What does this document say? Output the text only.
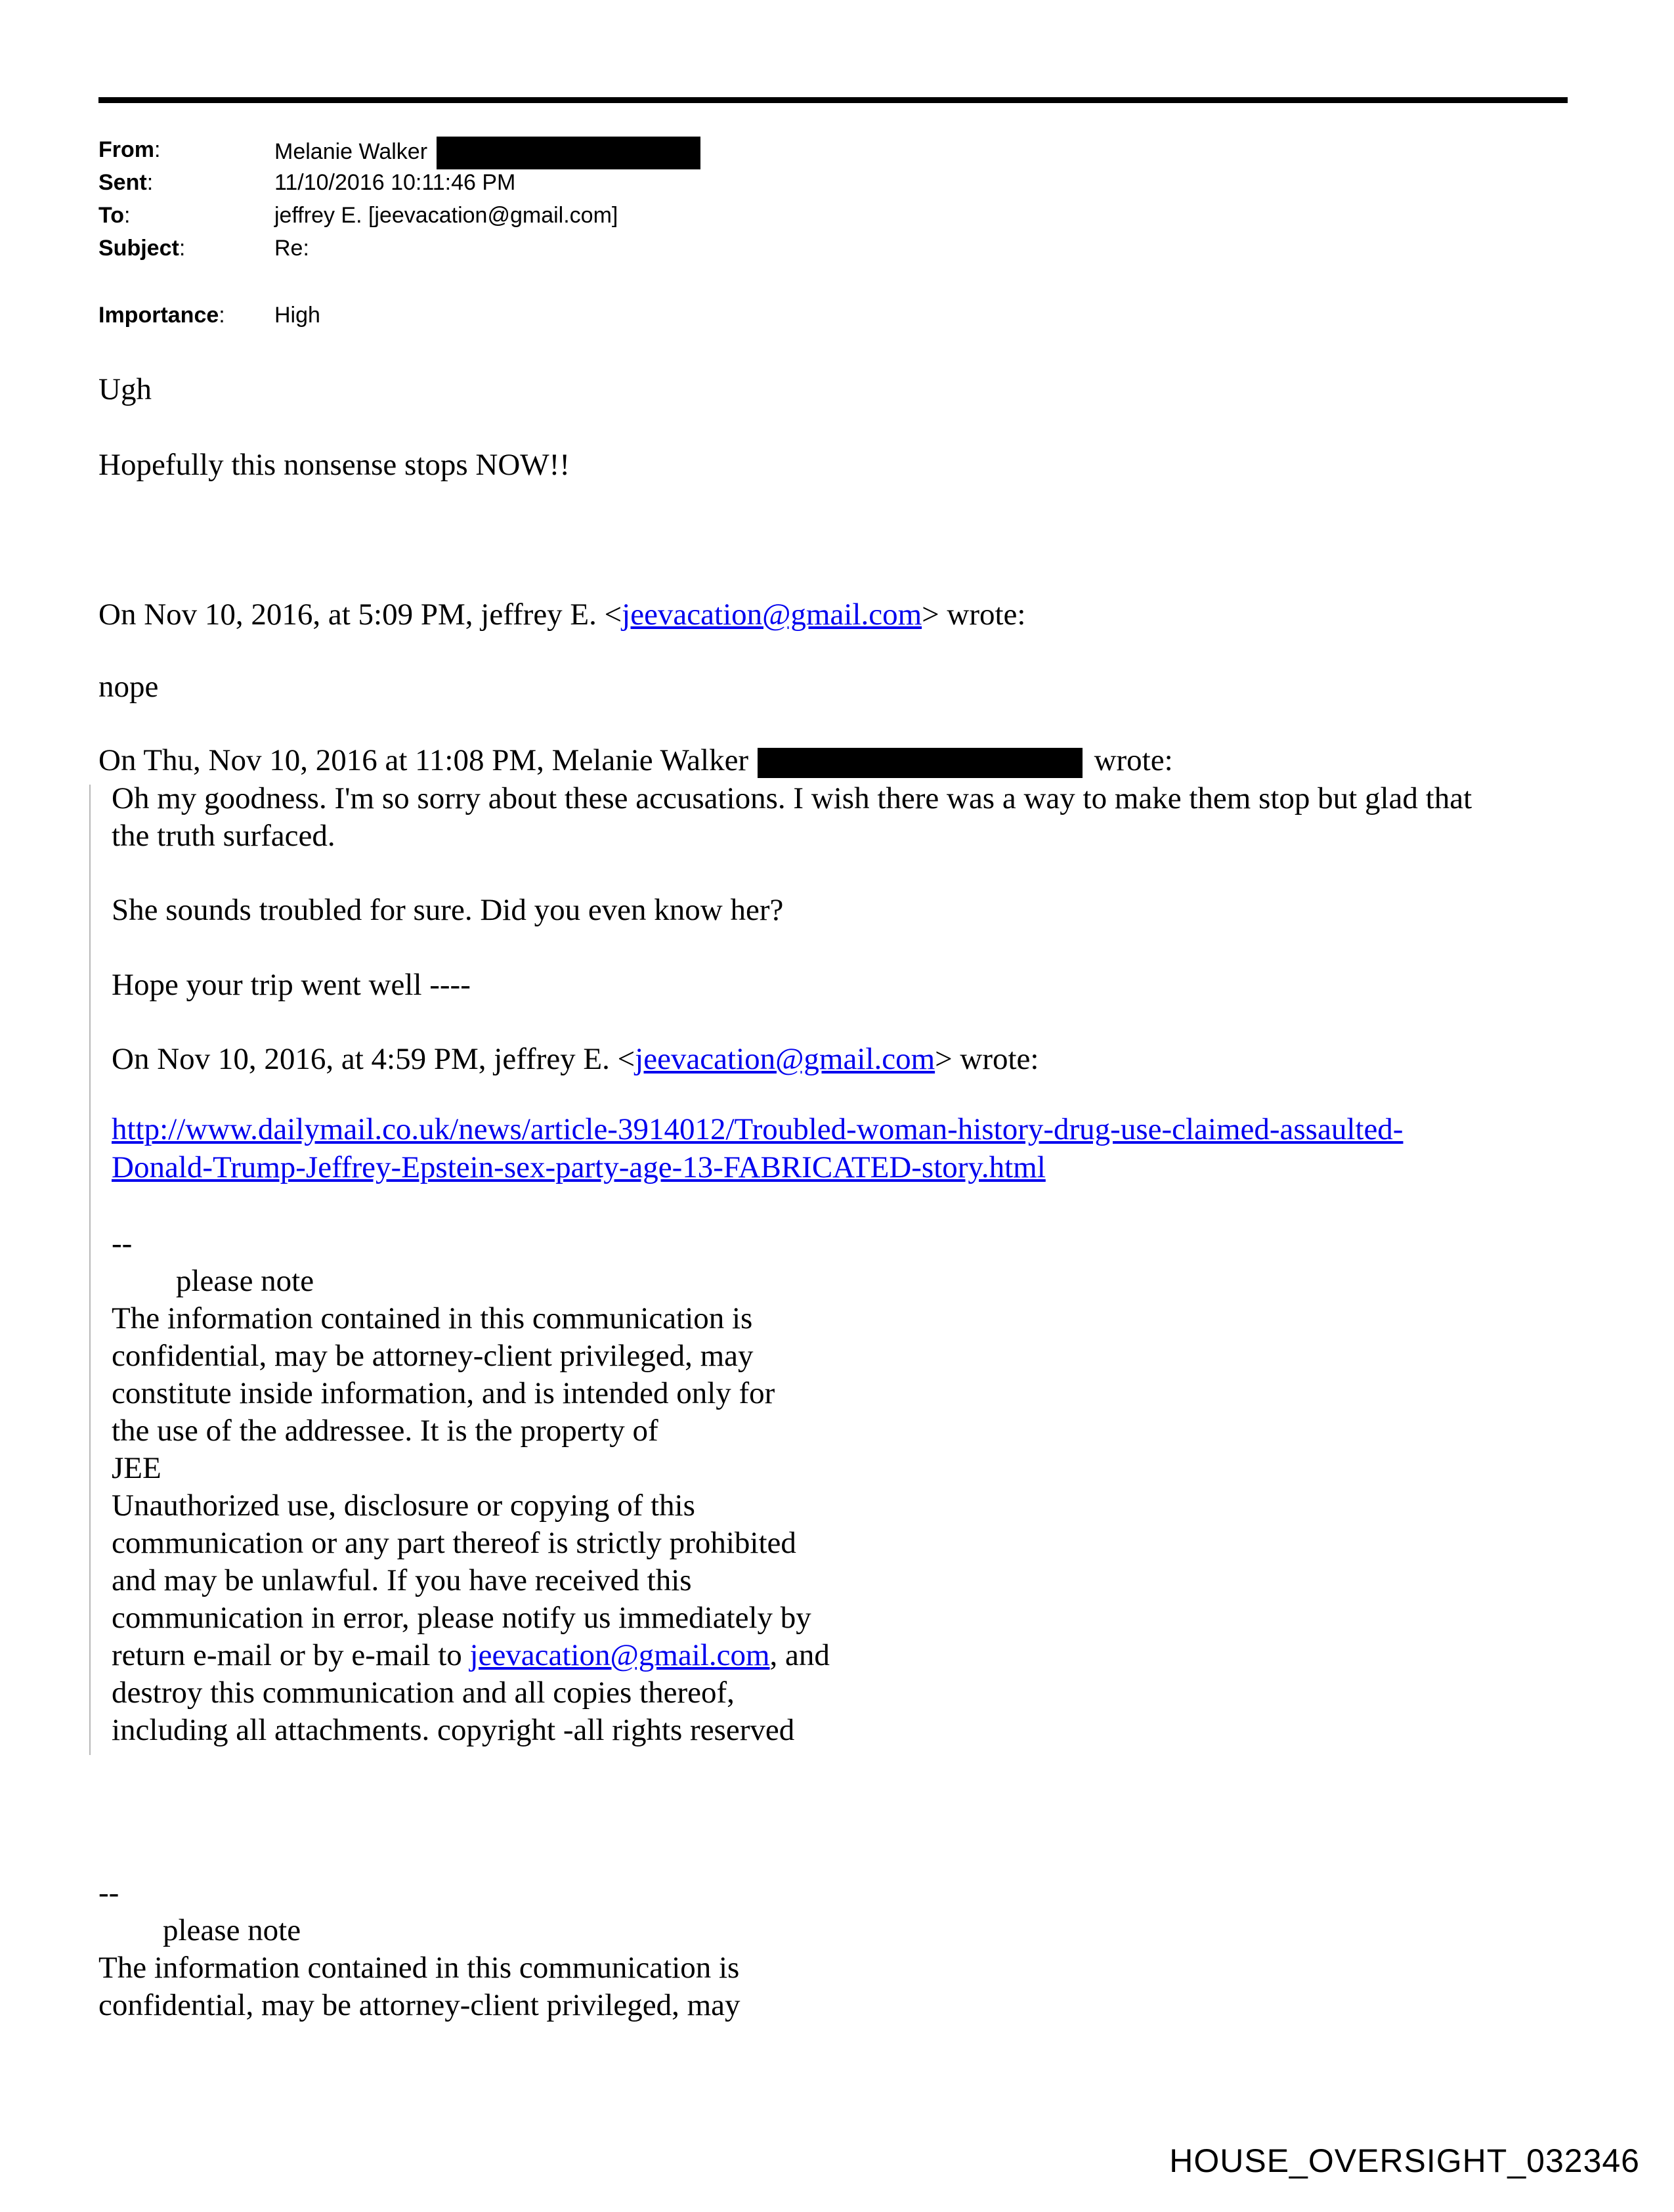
From:	Melanie Walker
Sent:	11/10/2016 10:11:46 PM
To:	jeffrey E. [jeevacation@gmail.com]
Subject:	Re:
Importance: High
Ugh
Hopefully this nonsense stops NOW!!
On Nov 10, 2016, at 5:09 PM, jeffrey E. <jeevacation@gmail.com> wrote:
nope
On Thu, Nov 10, 2016 at 11:08 PM, Melanie Walker	wrote:
Oh my goodness. I'm so sorry about these accusations. I wish there was a way to make them stop but glad that
the truth surfaced.
She sounds troubled for sure. Did you even know her?
Hope your trip went well ----
On Nov 10, 2016, at 4:59 PM, jeffrey E. <jeevacation@gmail.com> wrote:
http://www.dailymail.co.uk/news/article-3914012/Troubled-woman-history-drug-use-claimed-assaulted-
Donald-Trump-Jeffrey-Epstein-sex-party-age-13-FABRICATED-story.html
--
please note
The information contained in this communication is
confidential, may be attorney-client privileged, may
constitute inside information, and is intended only for
the use of the addressee. It is the property of
JEE
Unauthorized use, disclosure or copying of this
communication or any part thereof is strictly prohibited
and may be unlawful. If you have received this
communication in error, please notify us immediately by
return e-mail or by e-mail to jeevacation@gmail.com, and
destroy this communication and all copies thereof,
including all attachments. copyright -all rights reserved
--
please note
The information contained in this communication is
confidential, may be attorney-client privileged, may
HOUSE_OVERSIGHT_032346
